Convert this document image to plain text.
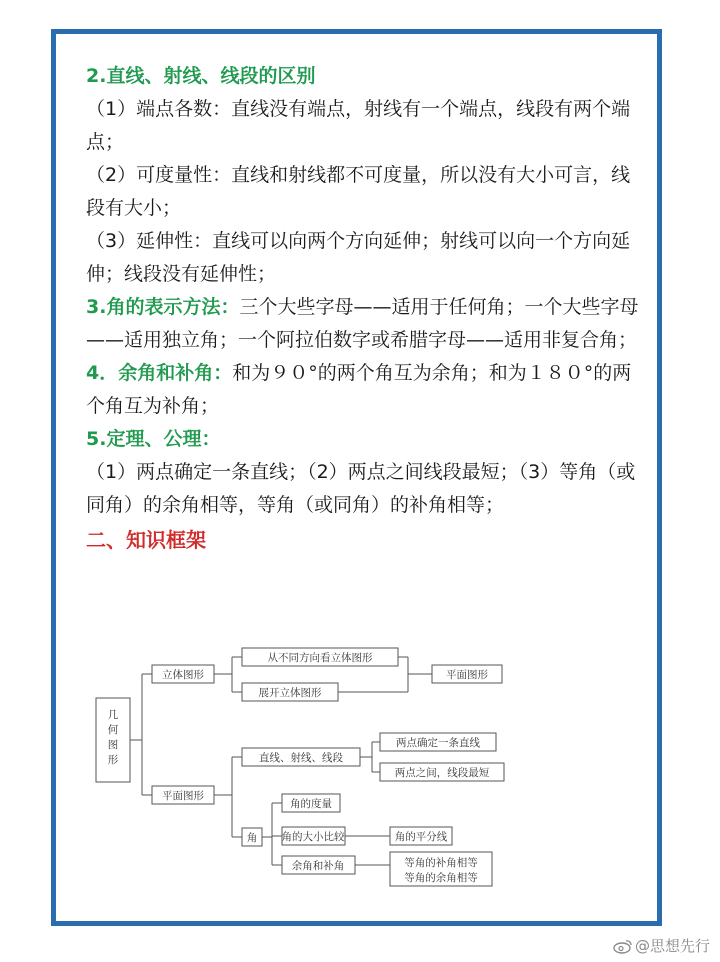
2.直线、射线、线段的区别

（1）端点各数：直线没有端点，射线有一个端点，线段有两个端点；

（2）可度量性：直线和射线都不可度量，所以没有大小可言，线段有大小；

（3）延伸性：直线可以向两个方向延伸；射线可以向一个方向延伸；线段没有延伸性；

3.角的表示方法：三个大些字母——适用于任何角；一个大些字母——适用独立角；一个阿拉伯数字或希腊字母——适用非复合角；

4．余角和补角：和为９０°的两个角互为余角；和为１８０°的两个角互为补角；

5.定理、公理：

（1）两点确定一条直线；（2）两点之间线段最短；（3）等角（或同角）的余角相等，等角（或同角）的补角相等；

二、知识框架

几
何
图
形
立体图形
从不同方向看立体图形
展开立体图形
平面图形
平面图形
直线、射线、线段
两点确定一条直线
两点之间，线段最短
角
角的度量
角的大小比较	角的平分线
余角和补角	等角的补角相等
等角的余角相等
@思想先行
